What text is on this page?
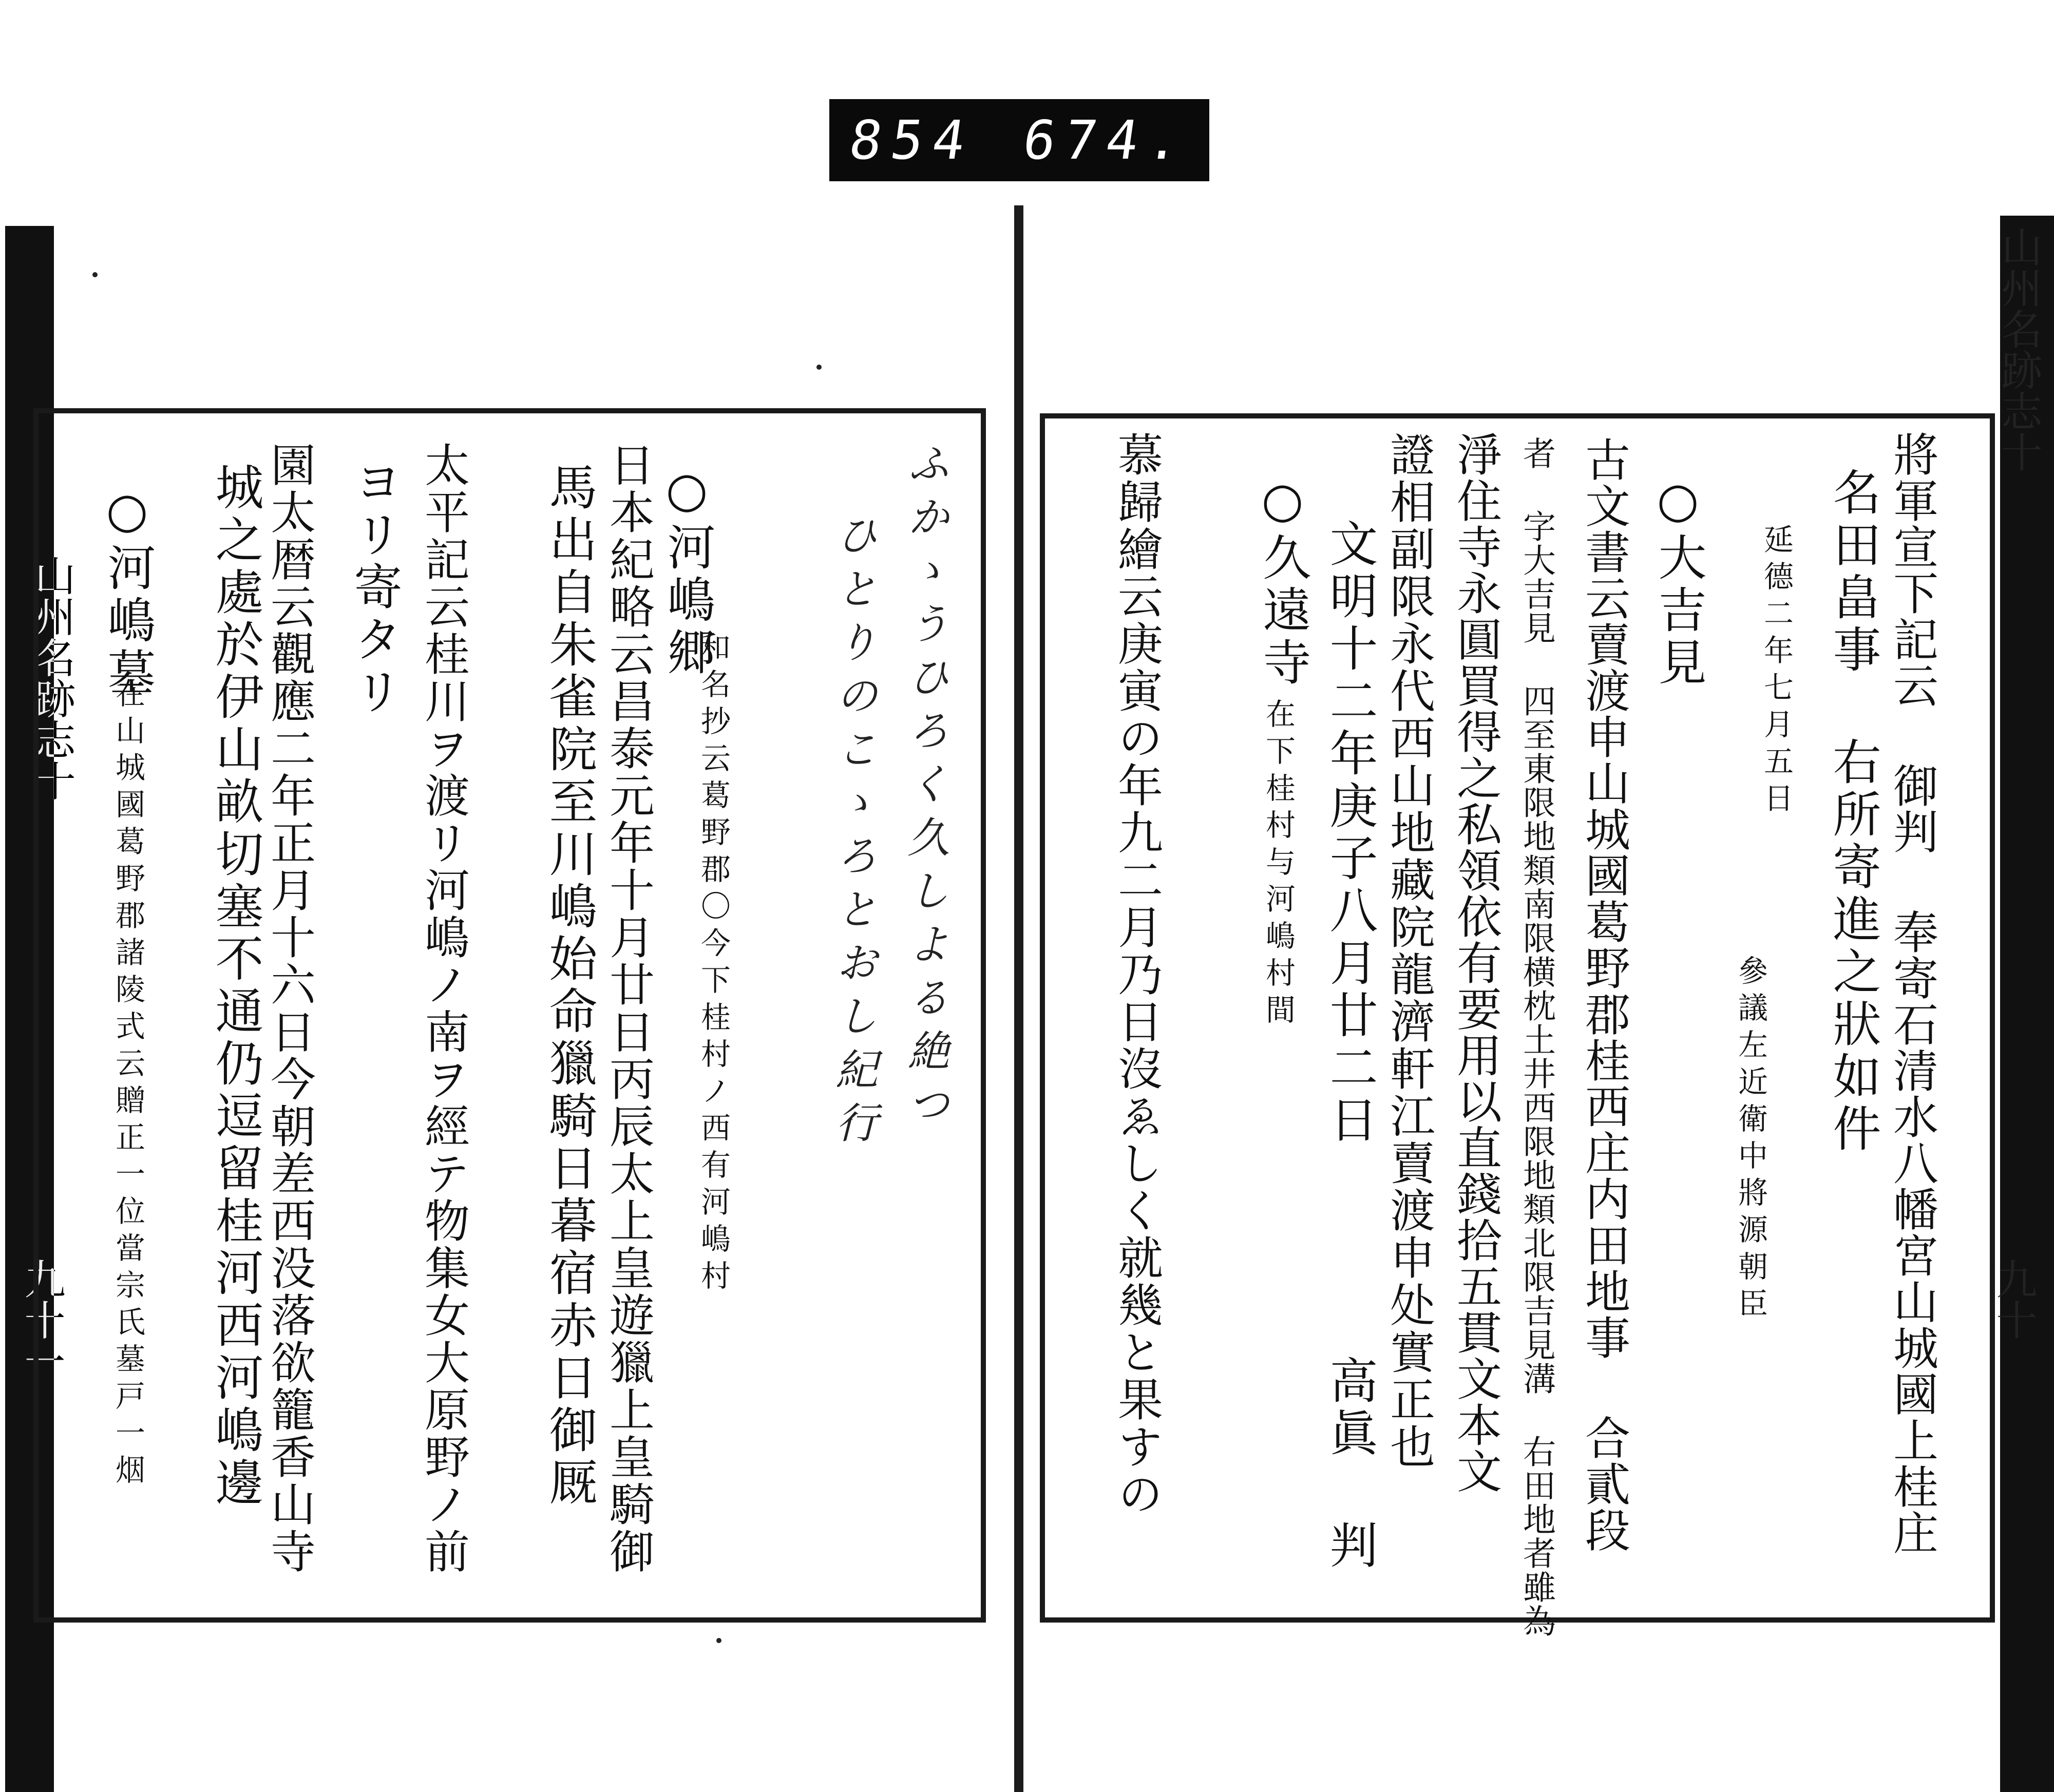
854 674.
山州名跡志十
九十一
山州名跡志十
九十
ふかゝうひろく久しよる絶つ
ひとりのこゝろとおし紀行
○河嶋郷
和名抄云葛野郡〇今下桂村ノ西有河嶋村
日本紀略云昌泰元年十月廿日丙辰太上皇遊獵上皇騎御
馬出自朱雀院至川嶋始命獵騎日暮宿赤日御厩
太平記云桂川ヲ渡リ河嶋ノ南ヲ經テ物集女大原野ノ前
ヨリ寄タリ
園太暦云觀應二年正月十六日今朝差西没落欲籠香山寺
城之處於伊山畝切塞不通仍逗留桂河西河嶋邊
○河嶋墓
在山城國葛野郡諸陵式云贈正一位當宗氏墓戸一烟	將軍宣下記云 御判 奉寄石清水八幡宮山城國上桂庄
名田畠事 右所寄進之狀如件
延德二年七月五日
參議左近衛中將源朝臣
○大吉見
古文書云賣渡申山城國葛野郡桂西庄内田地事 合貳段
者 字大吉見 四至東限地類南限横枕土井西限地類北限吉見溝 右田地者雖為
淨住寺永圓買得之私領依有要用以直錢拾五貫文本文
證相副限永代西山地藏院龍濟軒江賣渡申处實正也
文明十二年庚子八月廿二日
高眞 判
○久遠寺
在下桂村与河嶋村間
慕歸繪云庚寅の年九二月乃日沒ゑしく就幾と果すの
